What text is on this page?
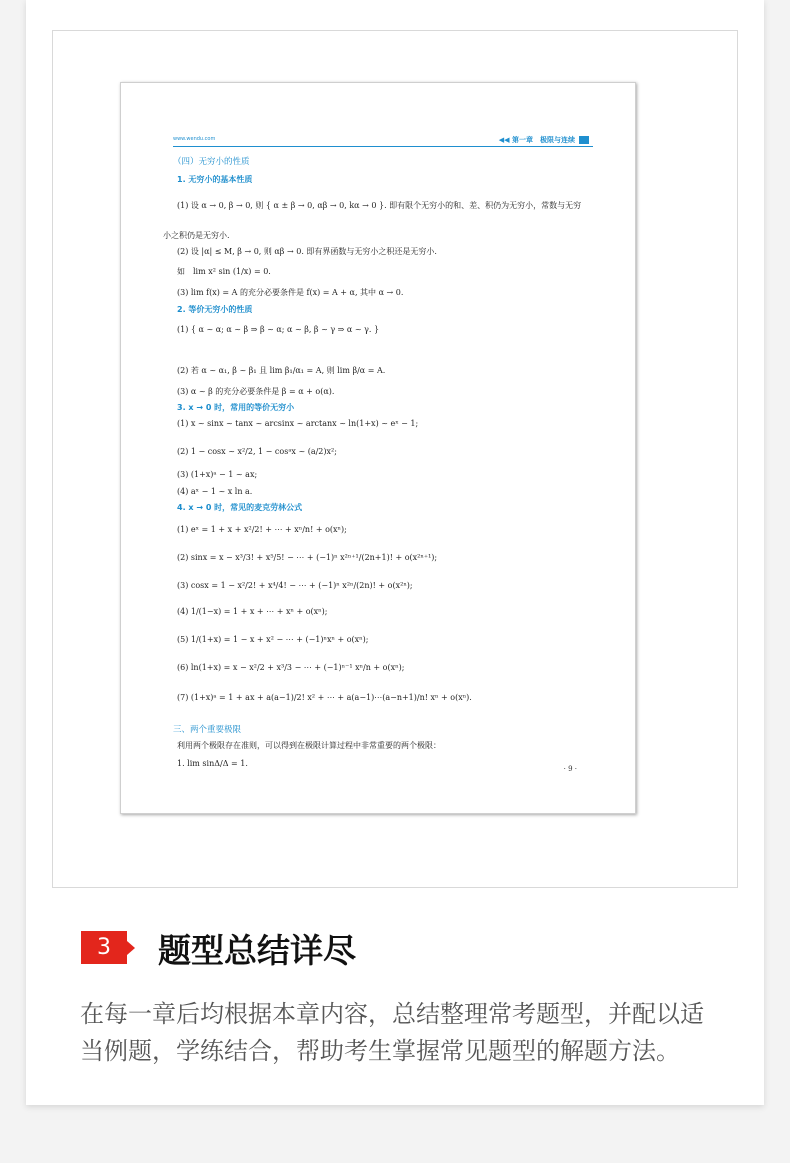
www.wendu.com	◀◀ 第一章　极限与连续
（四）无穷小的性质
1. 无穷小的基本性质
(1) 设 α → 0, β → 0, 则 { α ± β → 0, αβ → 0, kα → 0 }. 即有限个无穷小的和、差、积仍为无穷小，常数与无穷
小之积仍是无穷小.
(2) 设 |α| ≤ M, β → 0, 则 αβ → 0. 即有界函数与无穷小之积还是无穷小.
如　lim x² sin (1/x) = 0.
(3) lim f(x) = A 的充分必要条件是 f(x) = A + α, 其中 α → 0.
2. 等价无穷小的性质
(1) { α ~ α; α ~ β ⇒ β ~ α; α ~ β, β ~ γ ⇒ α ~ γ. }
(2) 若 α ~ α₁, β ~ β₁ 且 lim β₁/α₁ = A, 则 lim β/α = A.
(3) α ~ β 的充分必要条件是 β = α + o(α).
3. x → 0 时，常用的等价无穷小
(1) x ~ sinx ~ tanx ~ arcsinx ~ arctanx ~ ln(1+x) ~ eˣ − 1;
(2) 1 − cosx ~ x²/2, 1 − cosᵃx ~ (a/2)x²;
(3) (1+x)ᵃ − 1 ~ ax;
(4) aˣ − 1 ~ x ln a.
4. x → 0 时，常见的麦克劳林公式
(1) eˣ = 1 + x + x²/2! + ⋯ + xⁿ/n! + o(xⁿ);
(2) sinx = x − x³/3! + x⁵/5! − ⋯ + (−1)ⁿ x²ⁿ⁺¹/(2n+1)! + o(x²ⁿ⁺¹);
(3) cosx = 1 − x²/2! + x⁴/4! − ⋯ + (−1)ⁿ x²ⁿ/(2n)! + o(x²ⁿ);
(4) 1/(1−x) = 1 + x + ⋯ + xⁿ + o(xⁿ);
(5) 1/(1+x) = 1 − x + x² − ⋯ + (−1)ⁿxⁿ + o(xⁿ);
(6) ln(1+x) = x − x²/2 + x³/3 − ⋯ + (−1)ⁿ⁻¹ xⁿ/n + o(xⁿ);
(7) (1+x)ᵃ = 1 + ax + a(a−1)/2! x² + ⋯ + a(a−1)⋯(a−n+1)/n! xⁿ + o(xⁿ).
三、两个重要极限
利用两个极限存在准则，可以得到在极限计算过程中非常重要的两个极限：
1. lim sinΔ/Δ = 1.
· 9 ·
3	题型总结详尽
在每一章后均根据本章内容，总结整理常考题型，并配以适
当例题，学练结合，帮助考生掌握常见题型的解题方法。
